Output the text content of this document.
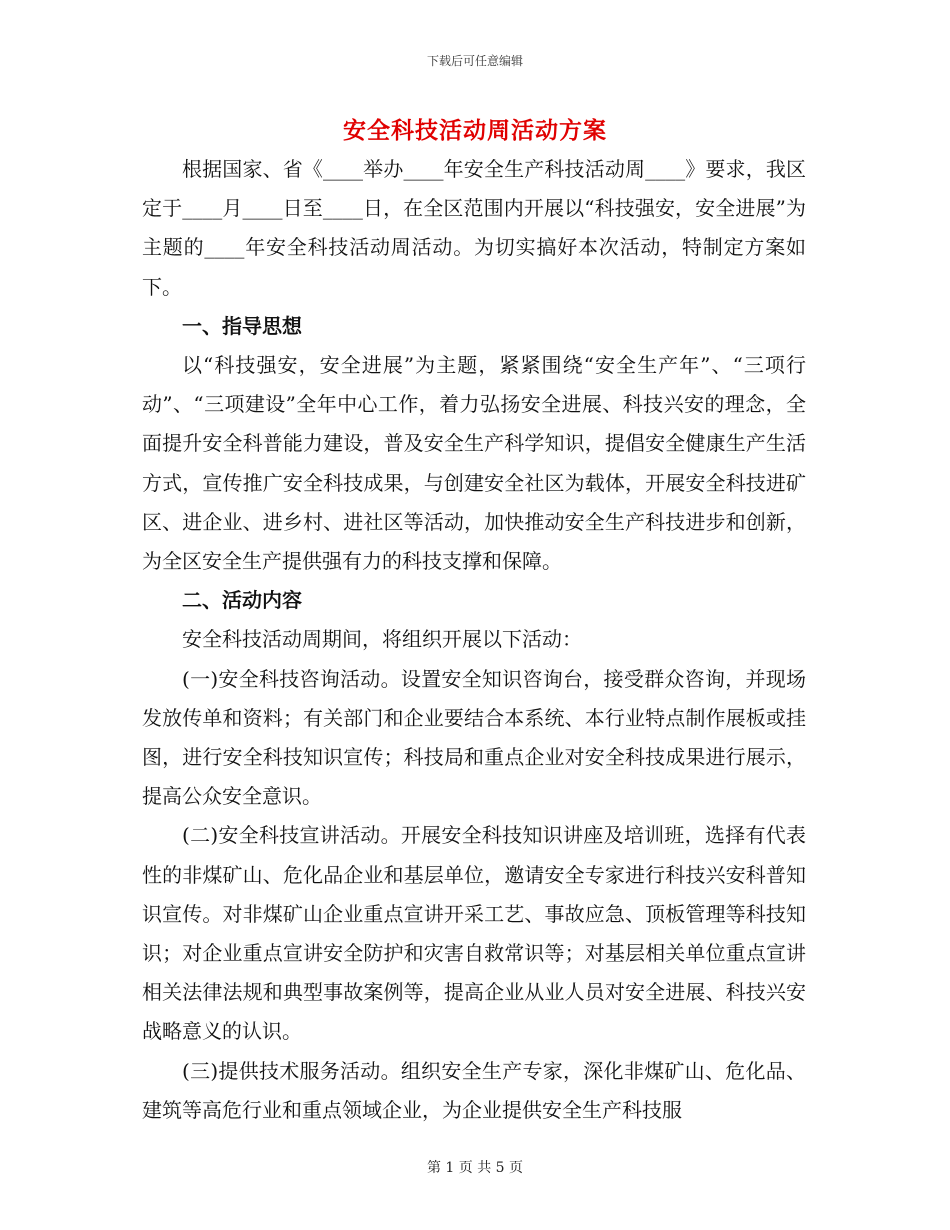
下载后可任意编辑
安全科技活动周活动方案

根据国家、省《____举办____年安全生产科技活动周____》要求，我区定于____月____日至____日，在全区范围内开展以“科技强安，安全进展”为主题的____年安全科技活动周活动。为切实搞好本次活动，特制定方案如下。

一、指导思想

以“科技强安，安全进展”为主题，紧紧围绕“安全生产年”、“三项行动”、“三项建设”全年中心工作，着力弘扬安全进展、科技兴安的理念，全面提升安全科普能力建设，普及安全生产科学知识，提倡安全健康生产生活方式，宣传推广安全科技成果，与创建安全社区为载体，开展安全科技进矿区、进企业、进乡村、进社区等活动，加快推动安全生产科技进步和创新，为全区安全生产提供强有力的科技支撑和保障。

二、活动内容

安全科技活动周期间，将组织开展以下活动：

(一)安全科技咨询活动。设置安全知识咨询台，接受群众咨询，并现场发放传单和资料；有关部门和企业要结合本系统、本行业特点制作展板或挂图，进行安全科技知识宣传；科技局和重点企业对安全科技成果进行展示，提高公众安全意识。

(二)安全科技宣讲活动。开展安全科技知识讲座及培训班，选择有代表性的非煤矿山、危化品企业和基层单位，邀请安全专家进行科技兴安科普知识宣传。对非煤矿山企业重点宣讲开采工艺、事故应急、顶板管理等科技知识；对企业重点宣讲安全防护和灾害自救常识等；对基层相关单位重点宣讲相关法律法规和典型事故案例等，提高企业从业人员对安全进展、科技兴安战略意义的认识。

(三)提供技术服务活动。组织安全生产专家，深化非煤矿山、危化品、建筑等高危行业和重点领域企业，为企业提供安全生产科技服

第 1 页 共 5 页
